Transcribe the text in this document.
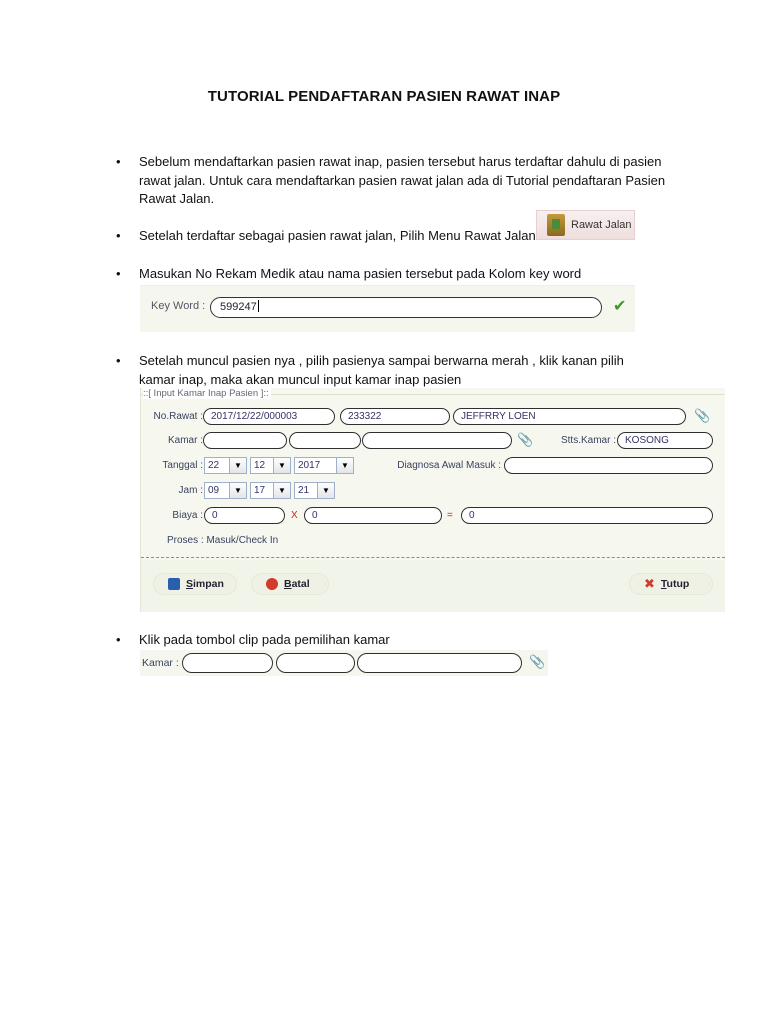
TUTORIAL PENDAFTARAN PASIEN RAWAT INAP
• Sebelum mendaftarkan pasien rawat inap, pasien tersebut harus terdaftar dahulu di pasien
rawat jalan. Untuk cara mendaftarkan pasien rawat jalan ada di Tutorial pendaftaran Pasien
Rawat Jalan.
• Setelah terdaftar sebagai pasien rawat jalan, Pilih Menu Rawat Jalan
Rawat Jalan
• Masukan No Rekam Medik atau nama pasien tersebut pada Kolom key word
Key Word :	599247	✔
• Setelah muncul pasien nya , pilih pasienya sampai berwarna merah , klik kanan pilih
kamar inap, maka akan muncul input kamar inap pasien
::[ Input Kamar Inap Pasien ]::
No.Rawat : 2017/12/22/000003	233322	JEFFRRY LOEN	📎
Kamar :	📎	Stts.Kamar : KOSONG
Tanggal : 22	▼	12	▼	2017	▼	Diagnosa Awal Masuk :
Jam : 09	▼	17	▼	21	▼
Biaya : 0	X	0	=	0
Proses : Masuk/Check In
Simpan	Batal	✖ Tutup
• Klik pada tombol clip pada pemilihan kamar
Kamar :	📎
